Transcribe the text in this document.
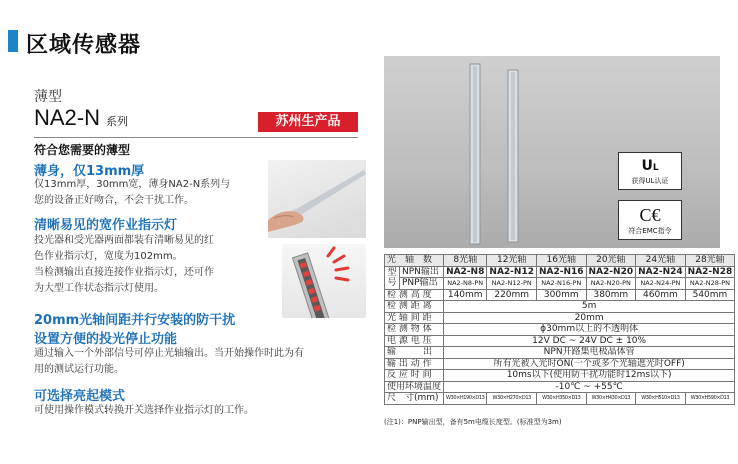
区域传感器
薄型
NA2-N 系列	苏州生产品
符合您需要的薄型
薄身，仅13mm厚
仅13mm厚，30mm宽，薄身NA2-N系列与
您的设备正好吻合，不会干扰工作。
清晰易见的宽作业指示灯
投光器和受光器两面都装有清晰易见的红
色作业指示灯，宽度为102mm。
当检测输出直接连接作业指示灯，还可作
为大型工作状态指示灯使用。
20mm光轴间距并行安装的防干扰
设置方便的投光停止功能
通过输入一个外部信号可停止光轴输出。当开始操作时此为有
用的测试运行功能。
可选择亮起模式
可使用操作模式转换开关选择作业指示灯的工作。
UL
获得UL认证
C€
符合EMC指令
光　轴　数		8光轴	12光轴	16光轴	20光轴	24光轴	28光轴
型号	NPN输出	NA2-N8	NA2-N12	NA2-N16	NA2-N20	NA2-N24	NA2-N28
	PNP输出	NA2-N8-PN	NA2-N12-PN	NA2-N16-PN	NA2-N20-PN	NA2-N24-PN	NA2-N28-PN
检 测 高 度		140mm	220mm	300mm	380mm	460mm	540mm
检 测 距 离		5m					
光 轴 间 距		20mm					
检 测 物 体		ϕ30mm以上的不透明体					
电 源 电 压		12V DC ~ 24V DC ± 10%					
输　　　出		NPN开路集电极晶体管					
输 出 动 作		所有光被入光时ON(一个或多个光轴遮光时OFF)					
反 应 时 间		10ms以下(使用防干扰功能时12ms以下)					
使用环境温度		-10℃ ~ +55℃					
尺　寸(mm)		W30×H190×D13	W30×H270×D13	W30×H350×D13	W30×H430×D13	W30×H510×D13	W30×H590×D13
(注1)：PNP输出型，备有5m电缆长度型。(标准型为3m)
